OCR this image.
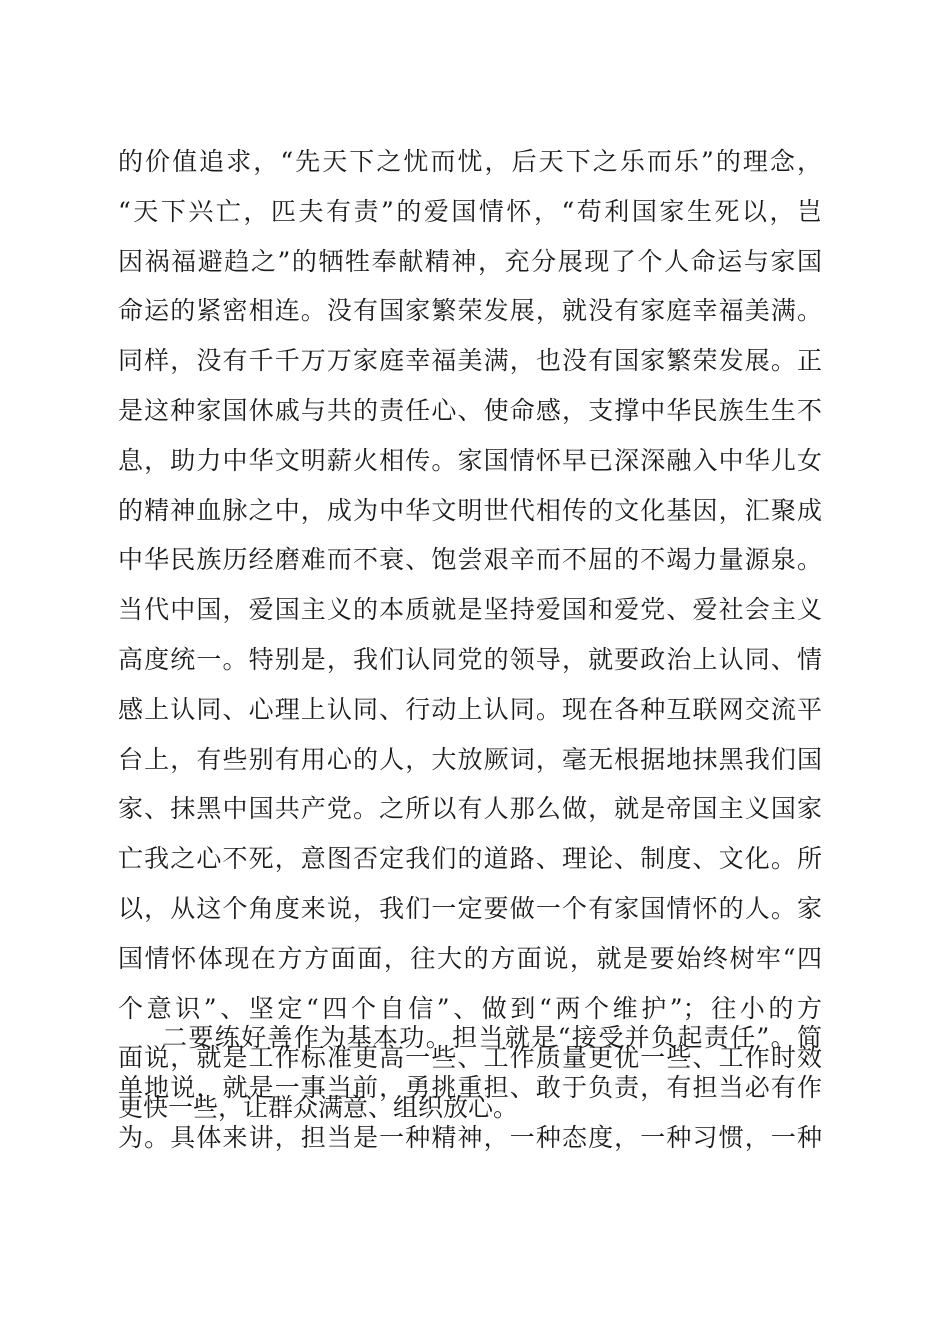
的价值追求，“先天下之忧而忧，后天下之乐而乐”的理念，
“天下兴亡，匹夫有责”的爱国情怀，“苟利国家生死以，岂
因祸福避趋之”的牺牲奉献精神，充分展现了个人命运与家国
命运的紧密相连。没有国家繁荣发展，就没有家庭幸福美满。
同样，没有千千万万家庭幸福美满，也没有国家繁荣发展。正
是这种家国休戚与共的责任心、使命感，支撑中华民族生生不
息，助力中华文明薪火相传。家国情怀早已深深融入中华儿女
的精神血脉之中，成为中华文明世代相传的文化基因，汇聚成
中华民族历经磨难而不衰、饱尝艰辛而不屈的不竭力量源泉。
当代中国，爱国主义的本质就是坚持爱国和爱党、爱社会主义
高度统一。特别是，我们认同党的领导，就要政治上认同、情
感上认同、心理上认同、行动上认同。现在各种互联网交流平
台上，有些别有用心的人，大放厥词，毫无根据地抹黑我们国
家、抹黑中国共产党。之所以有人那么做，就是帝国主义国家
亡我之心不死，意图否定我们的道路、理论、制度、文化。所
以，从这个角度来说，我们一定要做一个有家国情怀的人。家
国情怀体现在方方面面，往大的方面说，就是要始终树牢“四
个意识”、坚定“四个自信”、做到“两个维护”；往小的方
面说，就是工作标准更高一些、工作质量更优一些、工作时效
更快一些，让群众满意、组织放心。
二要练好善作为基本功。担当就是“接受并负起责任”。简
单地说，就是一事当前，勇挑重担、敢于负责，有担当必有作
为。具体来讲，担当是一种精神，一种态度，一种习惯，一种
